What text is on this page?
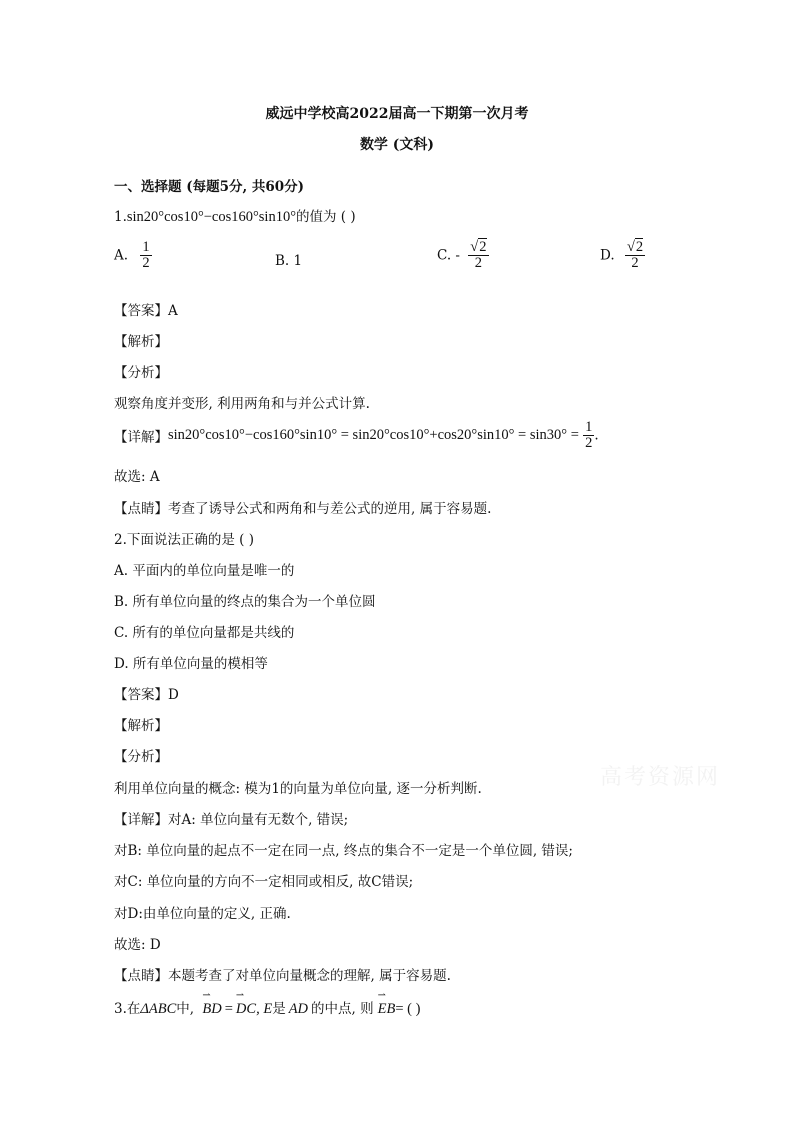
威远中学校高2022届高一下期第一次月考
数学 (文科)
一、选择题 (每题5分, 共60分)
1.sin20°cos10°−cos160°sin10°的值为 ( )
A. $\frac{1}{2}$	B. 1	C. - $\frac{√2}{2}$	D. $\frac{√2}{2}$
【答案】A
【解析】
【分析】
观察角度并变形, 利用两角和与并公式计算.
【详解】$\sin 20^\circ\cos 10^\circ-\cos 160^\circ\sin 10^\circ = \sin 20^\circ\cos 10^\circ+\cos 20^\circ\sin 10^\circ = \sin 30^\circ = \frac{1}{2}$ .
故选: A
【点睛】考查了诱导公式和两角和与差公式的逆用, 属于容易题.
2.下面说法正确的是 ( )
A. 平面内的单位向量是唯一的
B. 所有单位向量的终点的集合为一个单位圆
C. 所有的单位向量都是共线的
D. 所有单位向量的模相等
【答案】D
【解析】
【分析】
利用单位向量的概念: 模为1的向量为单位向量, 逐一分析判断.
【详解】对A: 单位向量有无数个, 错误;
对B: 单位向量的起点不一定在同一点, 终点的集合不一定是一个单位圆, 错误;
对C: 单位向量的方向不一定相同或相反, 故C错误;
对D:由单位向量的定义, 正确.
故选: D
【点睛】本题考查了对单位向量概念的理解, 属于容易题.
3.在ΔABC中, ⇀ BD = ⇀ DC, E是 AD 的中点, 则 ⇀ EB= ( )
高考资源网
